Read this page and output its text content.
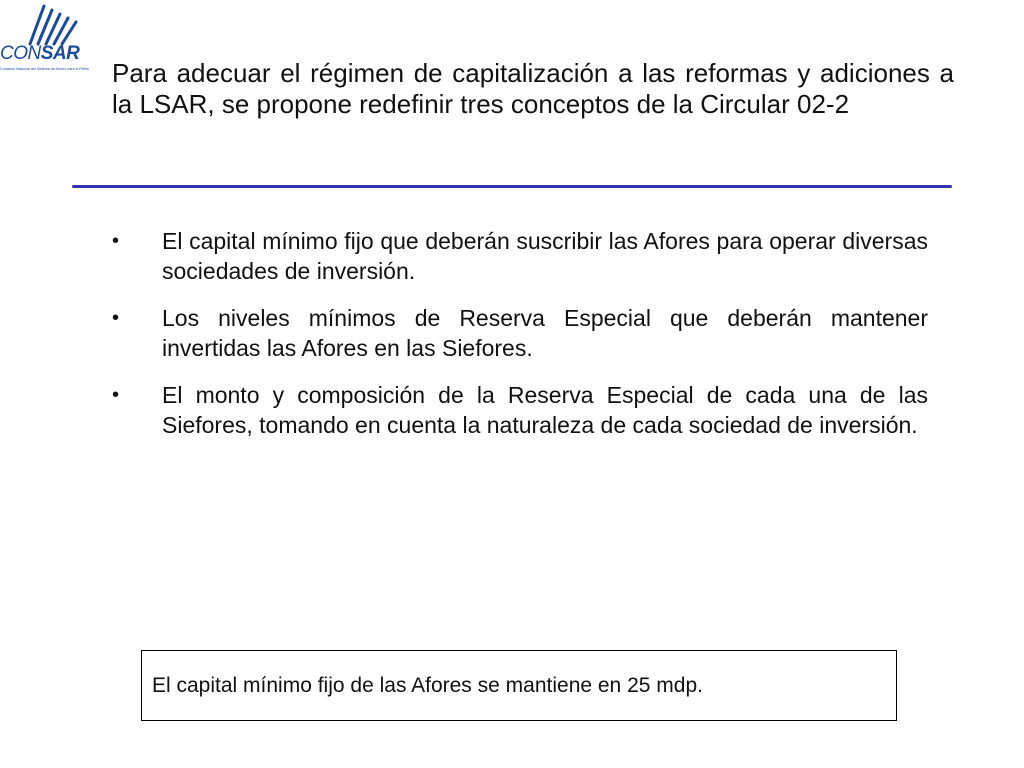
CONSAR
Comisión Nacional del Sistema de Ahorro para el Retiro Para adecuar el régimen de capitalización a las reformas y adiciones a la LSAR, se propone redefinir tres conceptos de la Circular 02-2
• El capital mínimo fijo que deberán suscribir las Afores para operar diversas sociedades de inversión.
• Los niveles mínimos de Reserva Especial que deberán mantener invertidas las Afores en las Siefores.
• El monto y composición de la Reserva Especial de cada una de las Siefores, tomando en cuenta la naturaleza de cada sociedad de inversión.
El capital mínimo fijo de las Afores se mantiene en 25 mdp.
